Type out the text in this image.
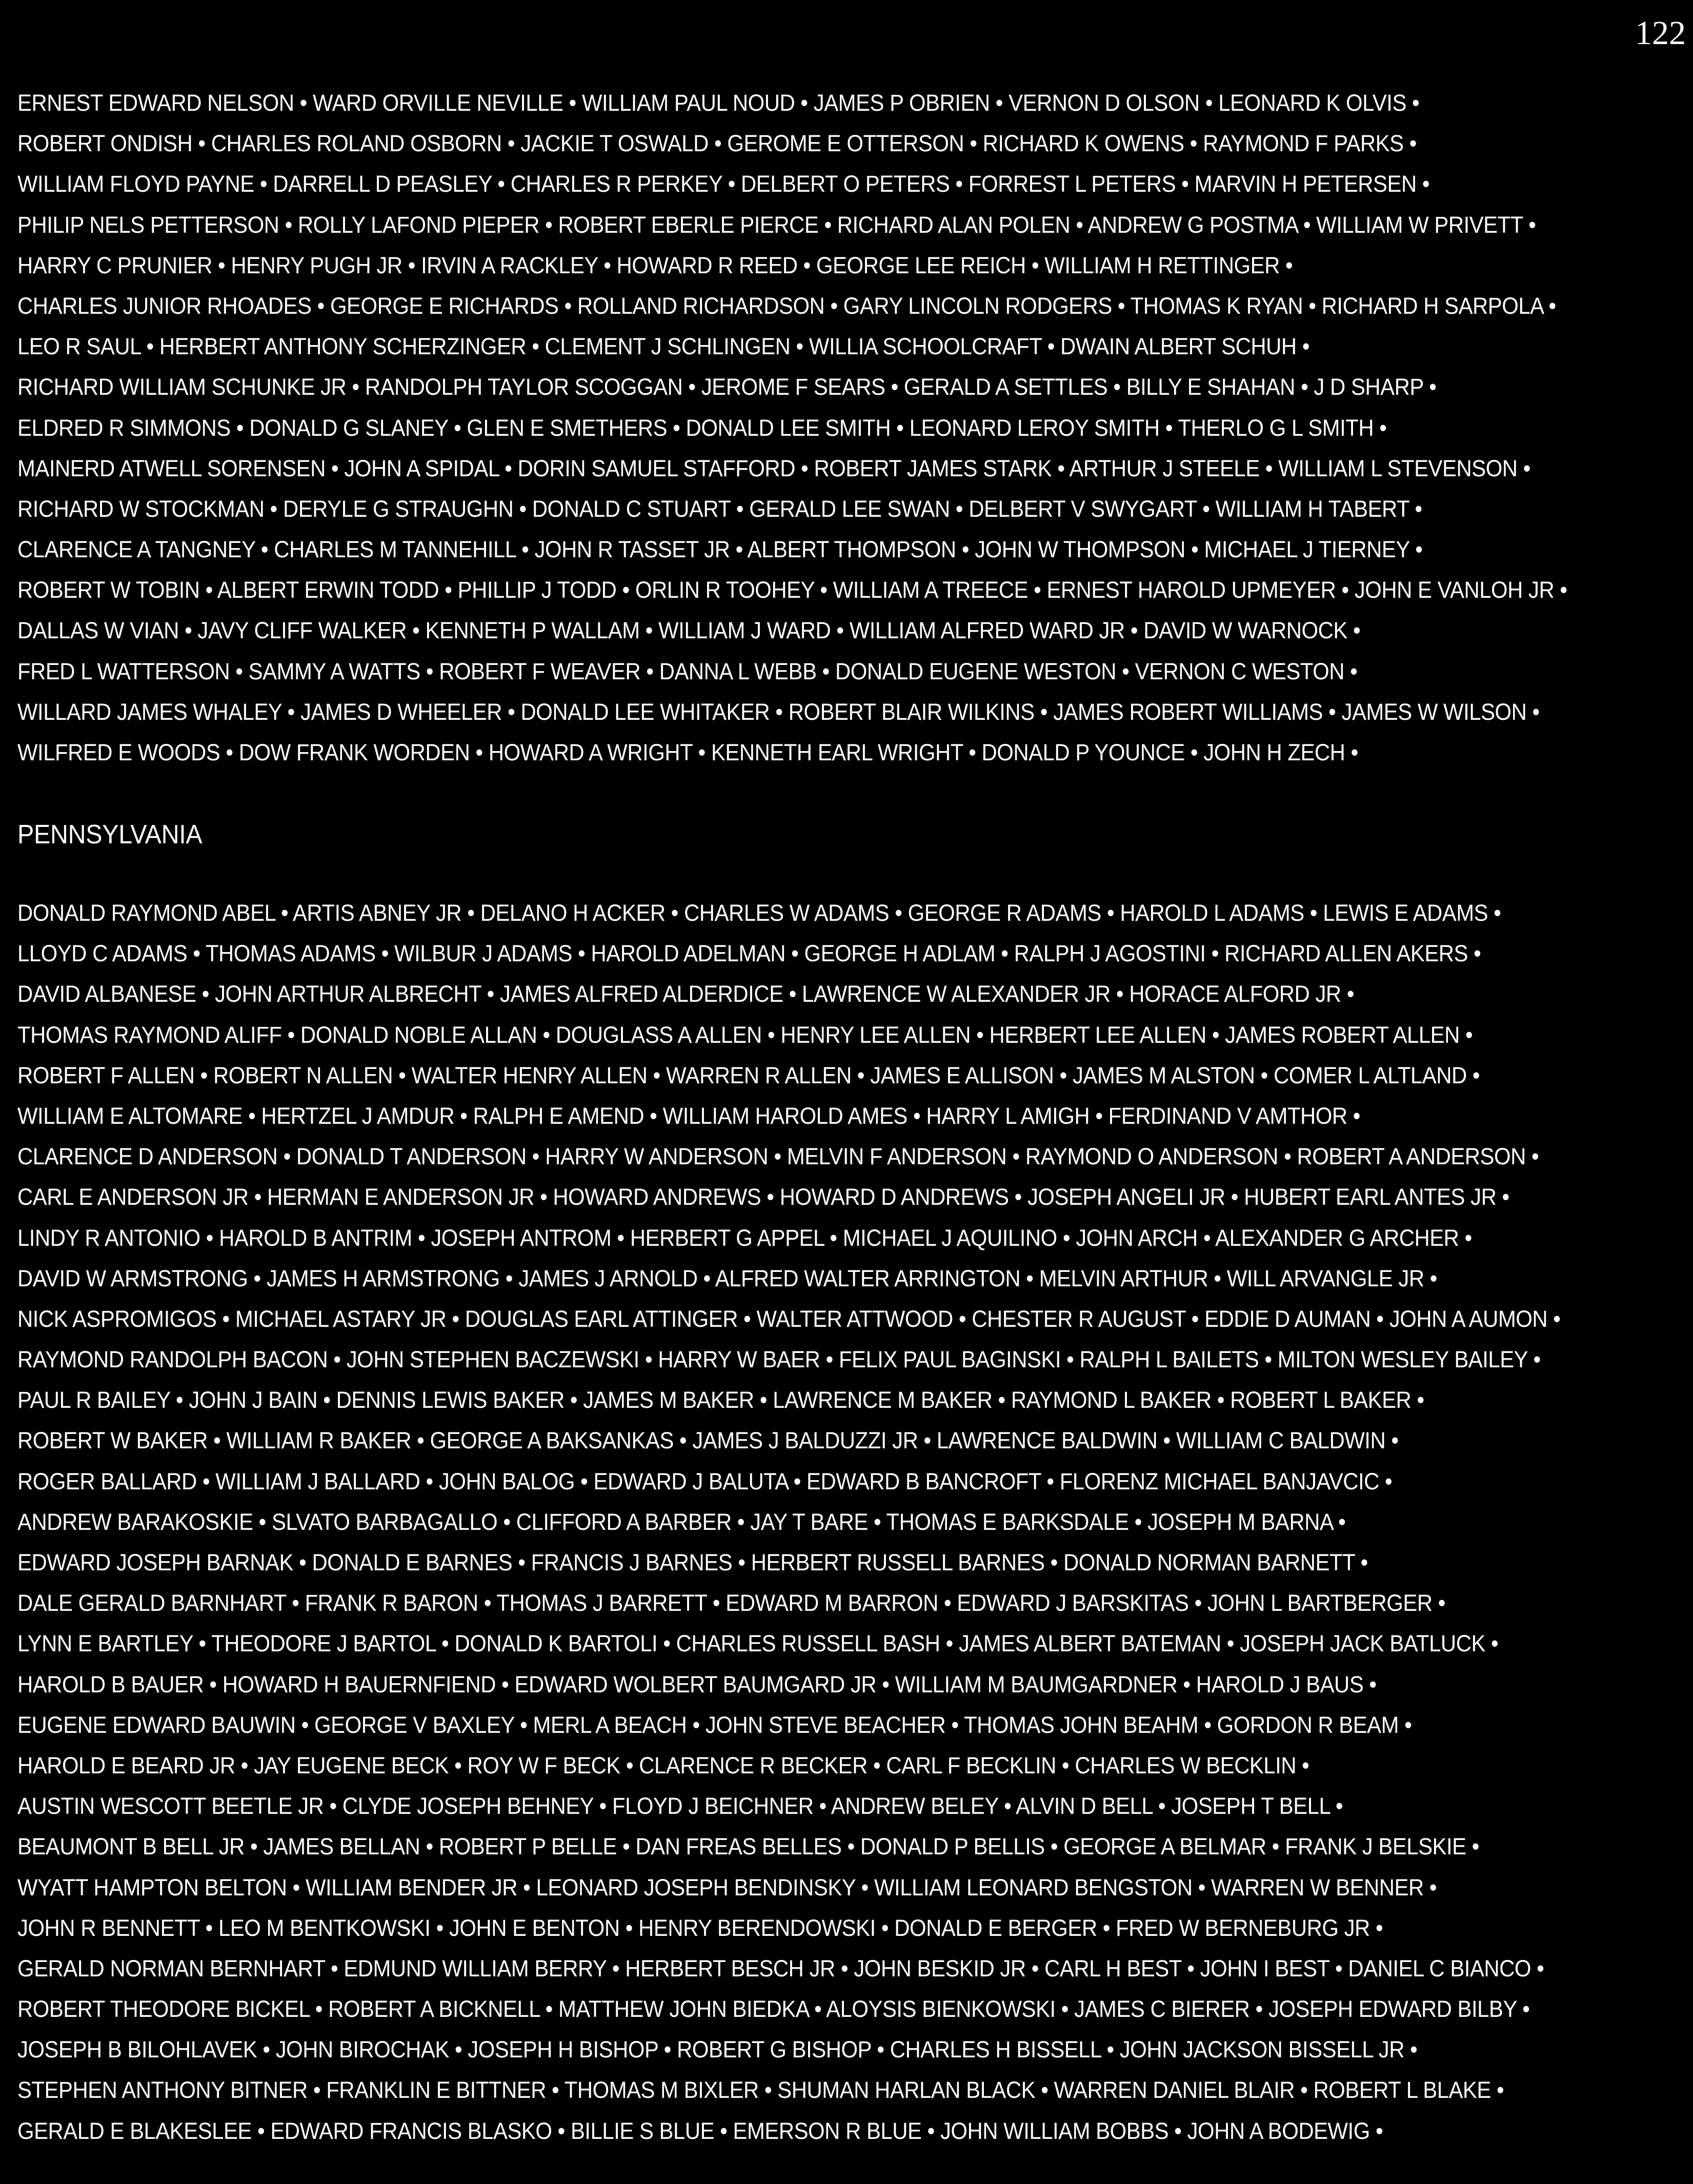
122
ERNEST EDWARD NELSON • WARD ORVILLE NEVILLE • WILLIAM PAUL NOUD • JAMES P OBRIEN • VERNON D OLSON • LEONARD K OLVIS •
ROBERT ONDISH • CHARLES ROLAND OSBORN • JACKIE T OSWALD • GEROME E OTTERSON • RICHARD K OWENS • RAYMOND F PARKS •
WILLIAM FLOYD PAYNE • DARRELL D PEASLEY • CHARLES R PERKEY • DELBERT O PETERS • FORREST L PETERS • MARVIN H PETERSEN •
PHILIP NELS PETTERSON • ROLLY LAFOND PIEPER • ROBERT EBERLE PIERCE • RICHARD ALAN POLEN • ANDREW G POSTMA • WILLIAM W PRIVETT •
HARRY C PRUNIER • HENRY PUGH JR • IRVIN A RACKLEY • HOWARD R REED • GEORGE LEE REICH • WILLIAM H RETTINGER •
CHARLES JUNIOR RHOADES • GEORGE E RICHARDS • ROLLAND RICHARDSON • GARY LINCOLN RODGERS • THOMAS K RYAN • RICHARD H SARPOLA •
LEO R SAUL • HERBERT ANTHONY SCHERZINGER • CLEMENT J SCHLINGEN • WILLIA SCHOOLCRAFT • DWAIN ALBERT SCHUH •
RICHARD WILLIAM SCHUNKE JR • RANDOLPH TAYLOR SCOGGAN • JEROME F SEARS • GERALD A SETTLES • BILLY E SHAHAN • J D SHARP •
ELDRED R SIMMONS • DONALD G SLANEY • GLEN E SMETHERS • DONALD LEE SMITH • LEONARD LEROY SMITH • THERLO G L SMITH •
MAINERD ATWELL SORENSEN • JOHN A SPIDAL • DORIN SAMUEL STAFFORD • ROBERT JAMES STARK • ARTHUR J STEELE • WILLIAM L STEVENSON •
RICHARD W STOCKMAN • DERYLE G STRAUGHN • DONALD C STUART • GERALD LEE SWAN • DELBERT V SWYGART • WILLIAM H TABERT •
CLARENCE A TANGNEY • CHARLES M TANNEHILL • JOHN R TASSET JR • ALBERT THOMPSON • JOHN W THOMPSON • MICHAEL J TIERNEY •
ROBERT W TOBIN • ALBERT ERWIN TODD • PHILLIP J TODD • ORLIN R TOOHEY • WILLIAM A TREECE • ERNEST HAROLD UPMEYER • JOHN E VANLOH JR •
DALLAS W VIAN • JAVY CLIFF WALKER • KENNETH P WALLAM • WILLIAM J WARD • WILLIAM ALFRED WARD JR • DAVID W WARNOCK •
FRED L WATTERSON • SAMMY A WATTS • ROBERT F WEAVER • DANNA L WEBB • DONALD EUGENE WESTON • VERNON C WESTON •
WILLARD JAMES WHALEY • JAMES D WHEELER • DONALD LEE WHITAKER • ROBERT BLAIR WILKINS • JAMES ROBERT WILLIAMS • JAMES W WILSON •
WILFRED E WOODS • DOW FRANK WORDEN • HOWARD A WRIGHT • KENNETH EARL WRIGHT • DONALD P YOUNCE • JOHN H ZECH •
PENNSYLVANIA
DONALD RAYMOND ABEL • ARTIS ABNEY JR • DELANO H ACKER • CHARLES W ADAMS • GEORGE R ADAMS • HAROLD L ADAMS • LEWIS E ADAMS •
LLOYD C ADAMS • THOMAS ADAMS • WILBUR J ADAMS • HAROLD ADELMAN • GEORGE H ADLAM • RALPH J AGOSTINI • RICHARD ALLEN AKERS •
DAVID ALBANESE • JOHN ARTHUR ALBRECHT • JAMES ALFRED ALDERDICE • LAWRENCE W ALEXANDER JR • HORACE ALFORD JR •
THOMAS RAYMOND ALIFF • DONALD NOBLE ALLAN • DOUGLASS A ALLEN • HENRY LEE ALLEN • HERBERT LEE ALLEN • JAMES ROBERT ALLEN •
ROBERT F ALLEN • ROBERT N ALLEN • WALTER HENRY ALLEN • WARREN R ALLEN • JAMES E ALLISON • JAMES M ALSTON • COMER L ALTLAND •
WILLIAM E ALTOMARE • HERTZEL J AMDUR • RALPH E AMEND • WILLIAM HAROLD AMES • HARRY L AMIGH • FERDINAND V AMTHOR •
CLARENCE D ANDERSON • DONALD T ANDERSON • HARRY W ANDERSON • MELVIN F ANDERSON • RAYMOND O ANDERSON • ROBERT A ANDERSON •
CARL E ANDERSON JR • HERMAN E ANDERSON JR • HOWARD ANDREWS • HOWARD D ANDREWS • JOSEPH ANGELI JR • HUBERT EARL ANTES JR •
LINDY R ANTONIO • HAROLD B ANTRIM • JOSEPH ANTROM • HERBERT G APPEL • MICHAEL J AQUILINO • JOHN ARCH • ALEXANDER G ARCHER •
DAVID W ARMSTRONG • JAMES H ARMSTRONG • JAMES J ARNOLD • ALFRED WALTER ARRINGTON • MELVIN ARTHUR • WILL ARVANGLE JR •
NICK ASPROMIGOS • MICHAEL ASTARY JR • DOUGLAS EARL ATTINGER • WALTER ATTWOOD • CHESTER R AUGUST • EDDIE D AUMAN • JOHN A AUMON •
RAYMOND RANDOLPH BACON • JOHN STEPHEN BACZEWSKI • HARRY W BAER • FELIX PAUL BAGINSKI • RALPH L BAILETS • MILTON WESLEY BAILEY •
PAUL R BAILEY • JOHN J BAIN • DENNIS LEWIS BAKER • JAMES M BAKER • LAWRENCE M BAKER • RAYMOND L BAKER • ROBERT L BAKER •
ROBERT W BAKER • WILLIAM R BAKER • GEORGE A BAKSANKAS • JAMES J BALDUZZI JR • LAWRENCE BALDWIN • WILLIAM C BALDWIN •
ROGER BALLARD • WILLIAM J BALLARD • JOHN BALOG • EDWARD J BALUTA • EDWARD B BANCROFT • FLORENZ MICHAEL BANJAVCIC •
ANDREW BARAKOSKIE • SLVATO BARBAGALLO • CLIFFORD A BARBER • JAY T BARE • THOMAS E BARKSDALE • JOSEPH M BARNA •
EDWARD JOSEPH BARNAK • DONALD E BARNES • FRANCIS J BARNES • HERBERT RUSSELL BARNES • DONALD NORMAN BARNETT •
DALE GERALD BARNHART • FRANK R BARON • THOMAS J BARRETT • EDWARD M BARRON • EDWARD J BARSKITAS • JOHN L BARTBERGER •
LYNN E BARTLEY • THEODORE J BARTOL • DONALD K BARTOLI • CHARLES RUSSELL BASH • JAMES ALBERT BATEMAN • JOSEPH JACK BATLUCK •
HAROLD B BAUER • HOWARD H BAUERNFIEND • EDWARD WOLBERT BAUMGARD JR • WILLIAM M BAUMGARDNER • HAROLD J BAUS •
EUGENE EDWARD BAUWIN • GEORGE V BAXLEY • MERL A BEACH • JOHN STEVE BEACHER • THOMAS JOHN BEAHM • GORDON R BEAM •
HAROLD E BEARD JR • JAY EUGENE BECK • ROY W F BECK • CLARENCE R BECKER • CARL F BECKLIN • CHARLES W BECKLIN •
AUSTIN WESCOTT BEETLE JR • CLYDE JOSEPH BEHNEY • FLOYD J BEICHNER • ANDREW BELEY • ALVIN D BELL • JOSEPH T BELL •
BEAUMONT B BELL JR • JAMES BELLAN • ROBERT P BELLE • DAN FREAS BELLES • DONALD P BELLIS • GEORGE A BELMAR • FRANK J BELSKIE •
WYATT HAMPTON BELTON • WILLIAM BENDER JR • LEONARD JOSEPH BENDINSKY • WILLIAM LEONARD BENGSTON • WARREN W BENNER •
JOHN R BENNETT • LEO M BENTKOWSKI • JOHN E BENTON • HENRY BERENDOWSKI • DONALD E BERGER • FRED W BERNEBURG JR •
GERALD NORMAN BERNHART • EDMUND WILLIAM BERRY • HERBERT BESCH JR • JOHN BESKID JR • CARL H BEST • JOHN I BEST • DANIEL C BIANCO •
ROBERT THEODORE BICKEL • ROBERT A BICKNELL • MATTHEW JOHN BIEDKA • ALOYSIS BIENKOWSKI • JAMES C BIERER • JOSEPH EDWARD BILBY •
JOSEPH B BILOHLAVEK • JOHN BIROCHAK • JOSEPH H BISHOP • ROBERT G BISHOP • CHARLES H BISSELL • JOHN JACKSON BISSELL JR •
STEPHEN ANTHONY BITNER • FRANKLIN E BITTNER • THOMAS M BIXLER • SHUMAN HARLAN BLACK • WARREN DANIEL BLAIR • ROBERT L BLAKE •
GERALD E BLAKESLEE • EDWARD FRANCIS BLASKO • BILLIE S BLUE • EMERSON R BLUE • JOHN WILLIAM BOBBS • JOHN A BODEWIG •
